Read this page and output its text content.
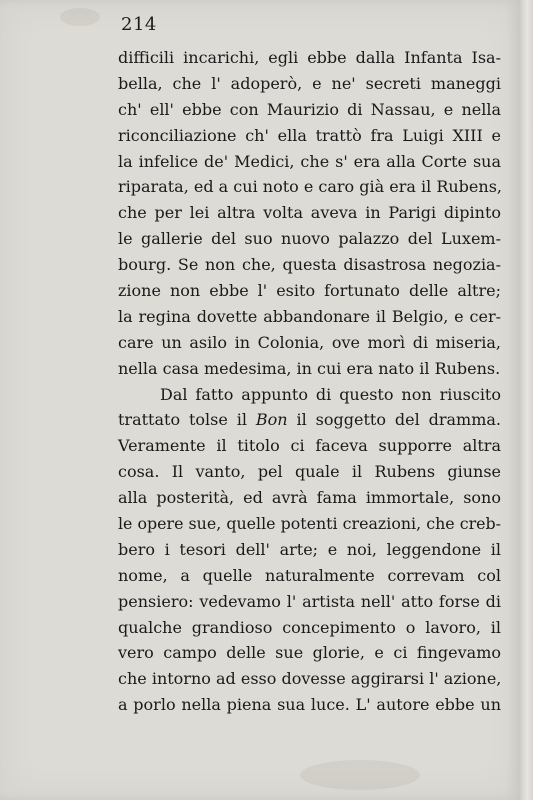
214
difficili incarichi, egli ebbe dalla Infanta Isa-
bella, che l' adoperò, e ne' secreti maneggi
ch' ell' ebbe con Maurizio di Nassau, e nella
riconciliazione ch' ella trattò fra Luigi XIII e
la infelice de' Medici, che s' era alla Corte sua
riparata, ed a cui noto e caro già era il Rubens,
che per lei altra volta aveva in Parigi dipinto
le gallerie del suo nuovo palazzo del Luxem-
bourg. Se non che, questa disastrosa negozia-
zione non ebbe l' esito fortunato delle altre;
la regina dovette abbandonare il Belgio, e cer-
care un asilo in Colonia, ove morì di miseria,
nella casa medesima, in cui era nato il Rubens.
Dal fatto appunto di questo non riuscito
trattato tolse il Bon il soggetto del dramma.
Veramente il titolo ci faceva supporre altra
cosa. Il vanto, pel quale il Rubens giunse
alla posterità, ed avrà fama immortale, sono
le opere sue, quelle potenti creazioni, che creb-
bero i tesori dell' arte; e noi, leggendone il
nome, a quelle naturalmente correvam col
pensiero: vedevamo l' artista nell' atto forse di
qualche grandioso concepimento o lavoro, il
vero campo delle sue glorie, e ci fingevamo
che intorno ad esso dovesse aggirarsi l' azione,
a porlo nella piena sua luce. L' autore ebbe un
